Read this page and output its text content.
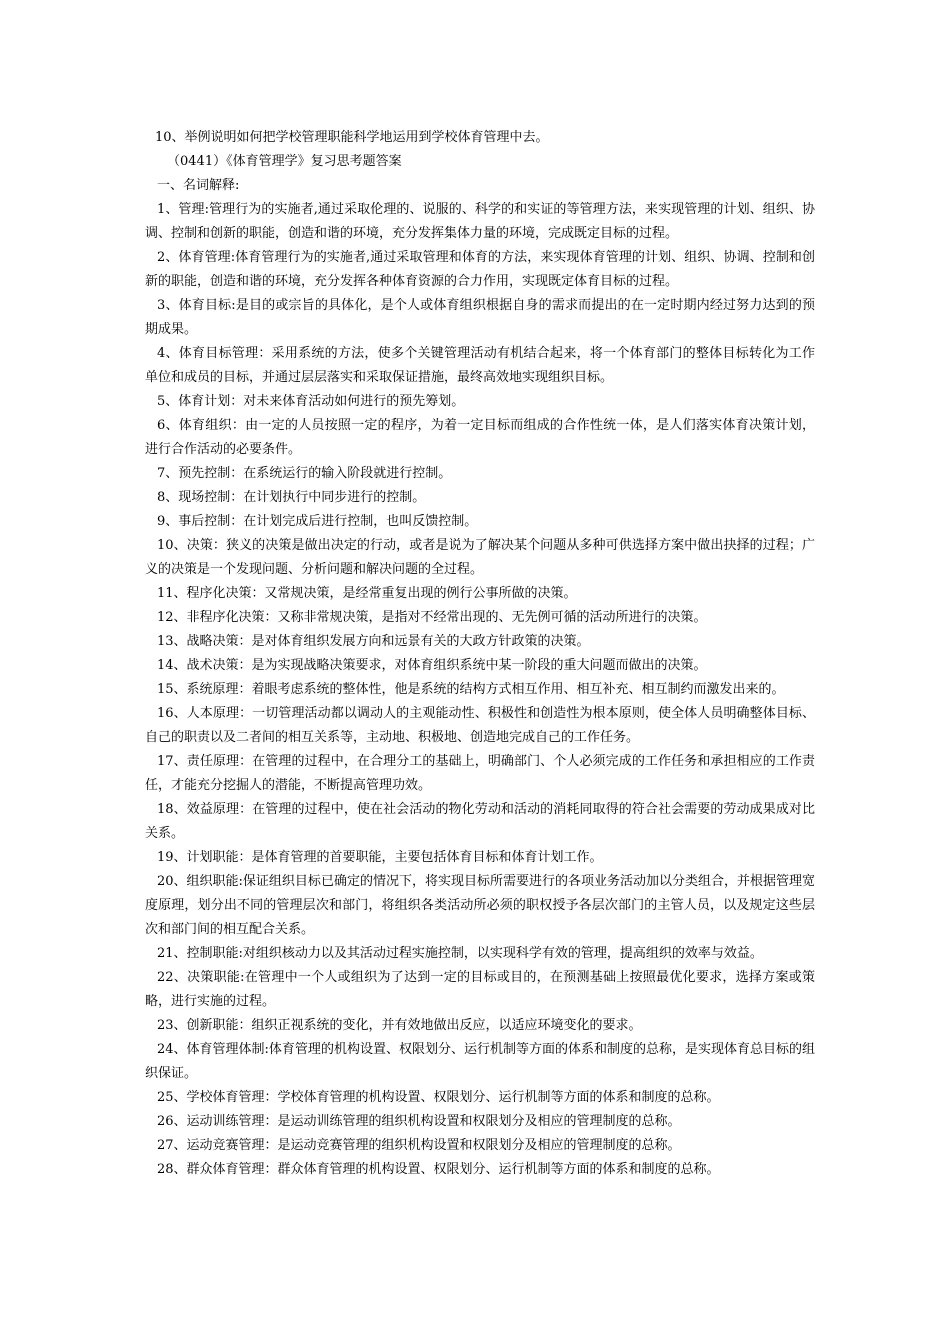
10、举例说明如何把学校管理职能科学地运用到学校体育管理中去。

（0441）《体育管理学》复习思考题答案

一、名词解释:

1、管理:管理行为的实施者,通过采取伦理的、说服的、科学的和实证的等管理方法，来实现管理的计划、组织、协调、控制和创新的职能，创造和谐的环境，充分发挥集体力量的环境，完成既定目标的过程。

2、体育管理:体育管理行为的实施者,通过采取管理和体育的方法，来实现体育管理的计划、组织、协调、控制和创新的职能，创造和谐的环境，充分发挥各种体育资源的合力作用，实现既定体育目标的过程。

3、体育目标:是目的或宗旨的具体化，是个人或体育组织根据自身的需求而提出的在一定时期内经过努力达到的预期成果。

4、体育目标管理：采用系统的方法，使多个关键管理活动有机结合起来，将一个体育部门的整体目标转化为工作单位和成员的目标，并通过层层落实和采取保证措施，最终高效地实现组织目标。

5、体育计划：对未来体育活动如何进行的预先筹划。

6、体育组织：由一定的人员按照一定的程序，为着一定目标而组成的合作性统一体，是人们落实体育决策计划，进行合作活动的必要条件。

7、预先控制：在系统运行的输入阶段就进行控制。

8、现场控制：在计划执行中同步进行的控制。

9、事后控制：在计划完成后进行控制，也叫反馈控制。

10、决策：狭义的决策是做出决定的行动，或者是说为了解决某个问题从多种可供选择方案中做出抉择的过程；广义的决策是一个发现问题、分析问题和解决问题的全过程。

11、程序化决策：又常规决策，是经常重复出现的例行公事所做的决策。

12、非程序化决策：又称非常规决策，是指对不经常出现的、无先例可循的活动所进行的决策。

13、战略决策：是对体育组织发展方向和远景有关的大政方针政策的决策。

14、战术决策：是为实现战略决策要求，对体育组织系统中某一阶段的重大问题而做出的决策。

15、系统原理：着眼考虑系统的整体性，他是系统的结构方式相互作用、相互补充、相互制约而激发出来的。

16、人本原理：一切管理活动都以调动人的主观能动性、积极性和创造性为根本原则，使全体人员明确整体目标、自己的职责以及二者间的相互关系等，主动地、积极地、创造地完成自己的工作任务。

17、责任原理：在管理的过程中，在合理分工的基础上，明确部门、个人必须完成的工作任务和承担相应的工作责任，才能充分挖掘人的潜能，不断提高管理功效。

18、效益原理：在管理的过程中，使在社会活动的物化劳动和活动的消耗同取得的符合社会需要的劳动成果成对比关系。

19、计划职能：是体育管理的首要职能，主要包括体育目标和体育计划工作。

20、组织职能:保证组织目标已确定的情况下，将实现目标所需要进行的各项业务活动加以分类组合，并根据管理宽度原理，划分出不同的管理层次和部门，将组织各类活动所必须的职权授予各层次部门的主管人员，以及规定这些层次和部门间的相互配合关系。

21、控制职能:对组织核动力以及其活动过程实施控制，以实现科学有效的管理，提高组织的效率与效益。

22、决策职能:在管理中一个人或组织为了达到一定的目标或目的，在预测基础上按照最优化要求，选择方案或策略，进行实施的过程。

23、创新职能：组织正视系统的变化，并有效地做出反应，以适应环境变化的要求。

24、体育管理体制:体育管理的机构设置、权限划分、运行机制等方面的体系和制度的总称，是实现体育总目标的组织保证。

25、学校体育管理：学校体育管理的机构设置、权限划分、运行机制等方面的体系和制度的总称。

26、运动训练管理：是运动训练管理的组织机构设置和权限划分及相应的管理制度的总称。

27、运动竞赛管理：是运动竞赛管理的组织机构设置和权限划分及相应的管理制度的总称。

28、群众体育管理：群众体育管理的机构设置、权限划分、运行机制等方面的体系和制度的总称。
